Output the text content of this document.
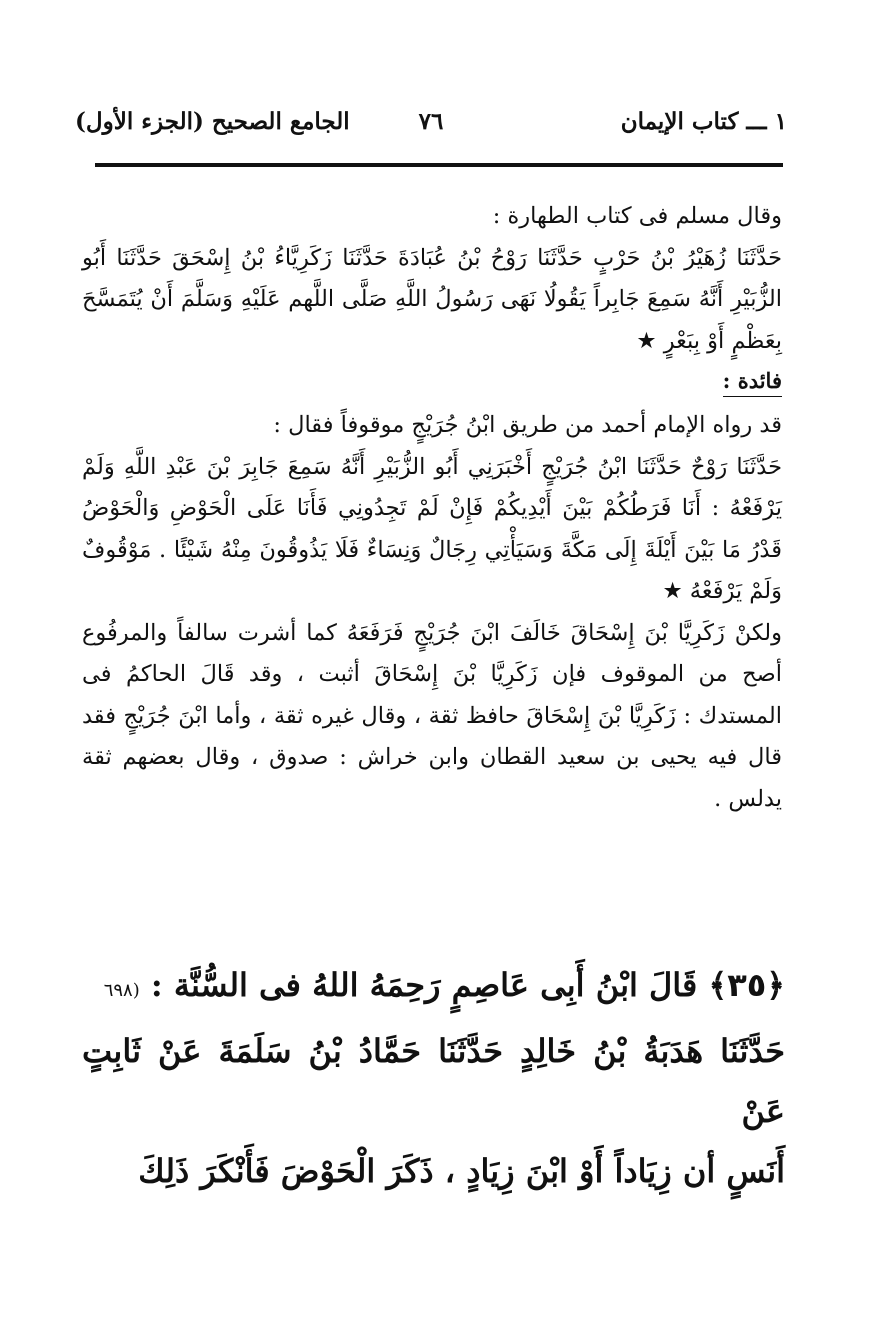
١ ـــ كتاب الإيمان
٧٦
الجامع الصحيح (الجزء الأول)

وقال مسلم فى كتاب الطهارة :

حَدَّثَنَا زُهَيْرُ بْنُ حَرْبٍ حَدَّثَنَا رَوْحُ بْنُ عُبَادَةَ حَدَّثَنَا زَكَرِيَّاءُ بْنُ إِسْحَقَ حَدَّثَنَا أَبُو الزُّبَيْرِ أَنَّهُ سَمِعَ جَابِراً يَقُولُا نَهَى رَسُولُ اللَّهِ صَلَّى اللَّهم عَلَيْهِ وَسَلَّمَ أَنْ يُتَمَسَّحَ بِعَظْمٍ أَوْ بِبَعْرٍ ★

فائدة :

قد رواه الإمام أحمد من طريق ابْنُ جُرَيْجٍ موقوفاً فقال :

حَدَّثَنَا رَوْحٌ حَدَّثَنَا ابْنُ جُرَيْجٍ أَخْبَرَنِي أَبُو الزُّبَيْرِ أَنَّهُ سَمِعَ جَابِرَ بْنَ عَبْدِ اللَّهِ وَلَمْ يَرْفَعْهُ : أَنَا فَرَطُكُمْ بَيْنَ أَيْدِيكُمْ فَإِنْ لَمْ تَجِدُونِي فَأَنَا عَلَى الْحَوْضِ وَالْحَوْضُ قَدْرُ مَا بَيْنَ أَيْلَةَ إِلَى مَكَّةَ وَسَيَأْتِي رِجَالٌ وَنِسَاءٌ فَلَا يَذُوقُونَ مِنْهُ شَيْئًا . مَوْقُوفٌ وَلَمْ يَرْفَعْهُ ★

ولكنْ زَكَرِيَّا بْنَ إِسْحَاقَ خَالَفَ ابْنَ جُرَيْجٍ فَرَفَعَهُ كما أشرت سالفاً والمرفُوع أصح من الموقوف فإن زَكَرِيَّا بْنَ إِسْحَاقَ أثبت ، وقد قَالَ الحاكمُ فى المستدك : زَكَرِيَّا بْنَ إِسْحَاقَ حافظ ثقة ، وقال غيره ثقة ، وأما ابْنَ جُرَيْجٍ فقد قال فيه يحيى بن سعيد القطان وابن خراش : صدوق ، وقال بعضهم ثقة يدلس .

﴿٣٥﴾ قَالَ ابْنُ أَبِى عَاصِمٍ رَحِمَهُ اللهُ فى السُّنَّة : (٦٩٨

حَدَّثَنَا هَدَبَةُ بْنُ خَالِدٍ حَدَّثَنَا حَمَّادُ بْنُ سَلَمَةَ عَنْ ثَابِتٍ عَنْ

أَنَسٍ أن زِيَاداً أَوْ ابْنَ زِيَادٍ ، ذَكَرَ الْحَوْضَ فَأَنْكَرَ ذَلِكَ
